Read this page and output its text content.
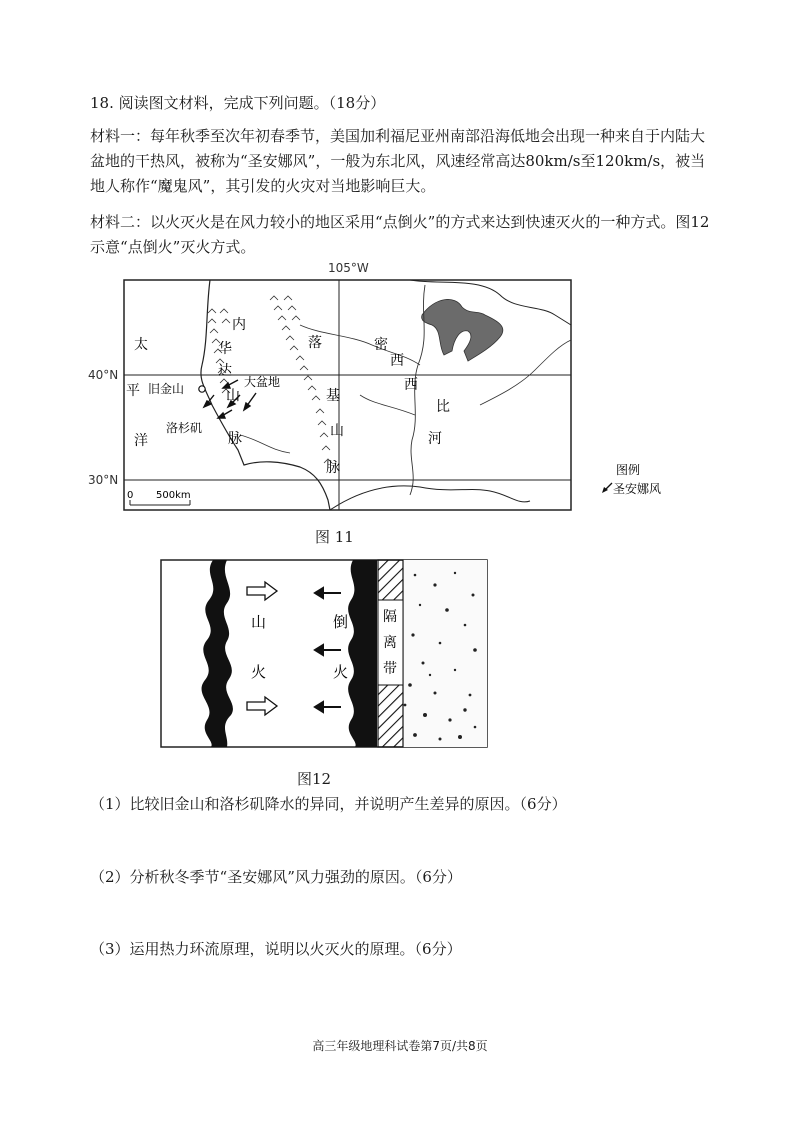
18. 阅读图文材料，完成下列问题。（18分）
材料一：每年秋季至次年初春季节，美国加利福尼亚州南部沿海低地会出现一种来自于内陆大盆地的干热风，被称为“圣安娜风”，一般为东北风，风速经常高达80km/s至120km/s，被当地人称作“魔鬼风”，其引发的火灾对当地影响巨大。
材料二：以火灭火是在风力较小的地区采用“点倒火”的方式来达到快速灭火的一种方式。图12示意“点倒火”灭火方式。
105°W
40°N
30°N
太
平
洋
内
华
达
山
脉
大盆地
旧金山
洛杉矶
落
基
山
脉
密
西
西
比
河
0 500km
图例
圣安娜风
图 11
山
火
倒
火
隔
离
带
图12
（1）比较旧金山和洛杉矶降水的异同，并说明产生差异的原因。（6分）
（2）分析秋冬季节“圣安娜风”风力强劲的原因。（6分）
（3）运用热力环流原理，说明以火灭火的原理。（6分）
高三年级地理科试卷第7页/共8页
